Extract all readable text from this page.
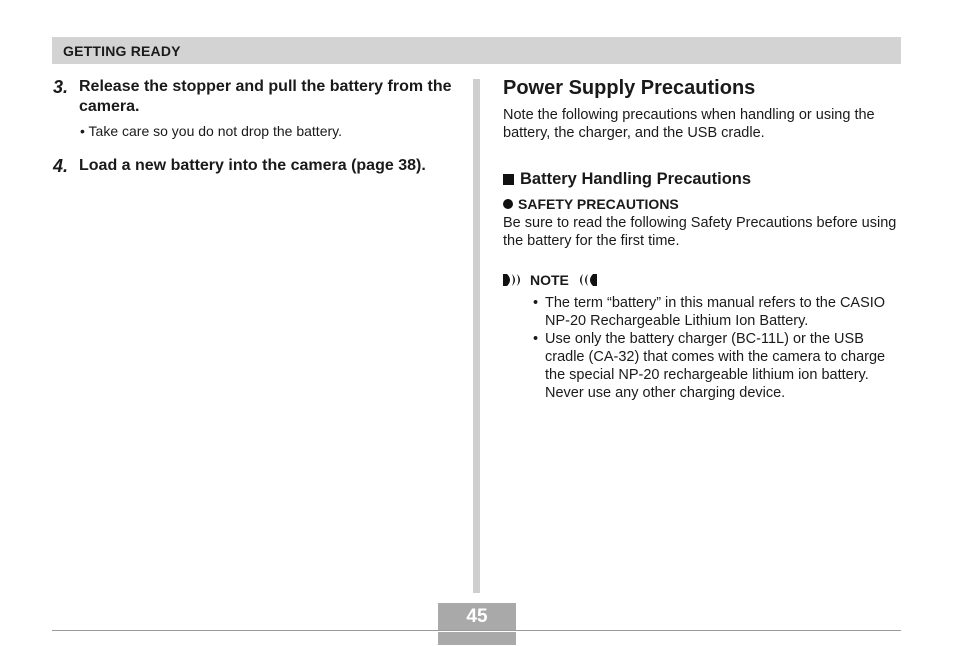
GETTING READY
3. Release the stopper and pull the battery from the camera.
• Take care so you do not drop the battery.
4. Load a new battery into the camera (page 38).
Power Supply Precautions
Note the following precautions when handling or using the battery, the charger, and the USB cradle.
Battery Handling Precautions
SAFETY PRECAUTIONS
Be sure to read the following Safety Precautions before using the battery for the first time.
NOTE
• The term “battery” in this manual refers to the CASIO NP-20 Rechargeable Lithium Ion Battery.
• Use only the battery charger (BC-11L) or the USB cradle (CA-32) that comes with the camera to charge the special NP-20 rechargeable lithium ion battery. Never use any other charging device.
45
